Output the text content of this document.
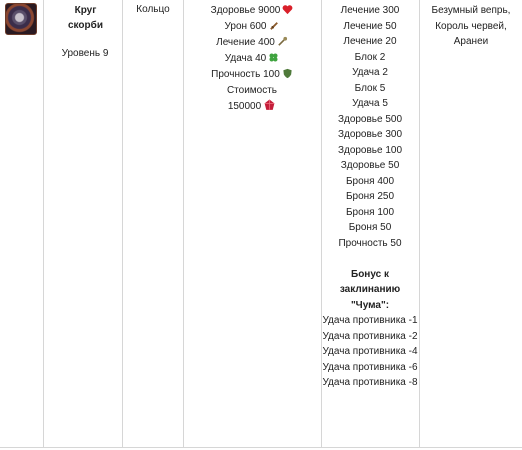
Круг скорби
Уровень 9
Кольцо	Здоровье 9000
Урон 600
Лечение 400
Удача 40
Прочность 100
Стоимость
150000
Лечение 300
Лечение 50
Лечение 20
Блок 2
Удача 2
Блок 5
Удача 5
Здоровье 500
Здоровье 300
Здоровье 100
Здоровье 50
Броня 400
Броня 250
Броня 100
Броня 50
Прочность 50
Бонус к заклинанию "Чума":
Удача противника -1
Удача противника -2
Удача противника -4
Удача противника -6
Удача противника -8
Безумный вепрь, Король червей, Аранеи
